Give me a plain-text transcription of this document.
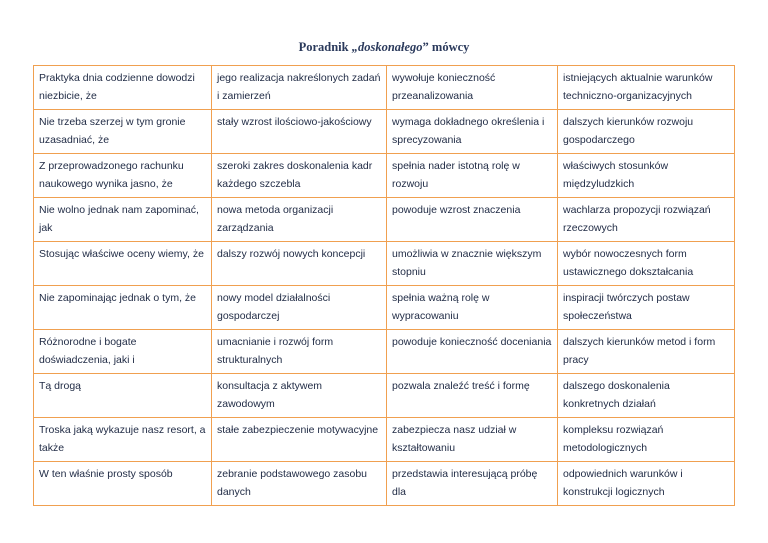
Poradnik „doskonałego” mówcy
Praktyka dnia codzienne dowodzi niezbicie, że	jego realizacja nakreślonych zadań i zamierzeń	wywołuje konieczność przeanalizowania	istniejących aktualnie warunków techniczno-organizacyjnych
Nie trzeba szerzej w tym gronie uzasadniać, że	stały wzrost ilościowo-jakościowy	wymaga dokładnego określenia i sprecyzowania	dalszych kierunków rozwoju gospodarczego
Z przeprowadzonego rachunku naukowego wynika jasno, że	szeroki zakres doskonalenia kadr każdego szczebla	spełnia nader istotną rolę w rozwoju	właściwych stosunków międzyludzkich
Nie wolno jednak nam zapominać, jak	nowa metoda organizacji zarządzania	powoduje wzrost znaczenia	wachlarza propozycji rozwiązań rzeczowych
Stosując właściwe oceny wiemy, że	dalszy rozwój nowych koncepcji	umożliwia w znacznie większym stopniu	wybór nowoczesnych form ustawicznego dokształcania
Nie zapominając jednak o tym, że	nowy model działalności gospodarczej	spełnia ważną rolę w wypracowaniu	inspiracji twórczych postaw społeczeństwa
Różnorodne i bogate doświadczenia, jaki i	umacnianie i rozwój form strukturalnych	powoduje konieczność doceniania	dalszych kierunków metod i form pracy
Tą drogą	konsultacja z aktywem zawodowym	pozwala znaleźć treść i formę	dalszego doskonalenia konkretnych działań
Troska jaką wykazuje nasz resort, a także	stałe zabezpieczenie motywacyjne	zabezpiecza nasz udział w kształtowaniu	kompleksu rozwiązań metodologicznych
W ten właśnie prosty sposób	zebranie podstawowego zasobu danych	przedstawia interesującą próbę dla	odpowiednich warunków i konstrukcji logicznych
